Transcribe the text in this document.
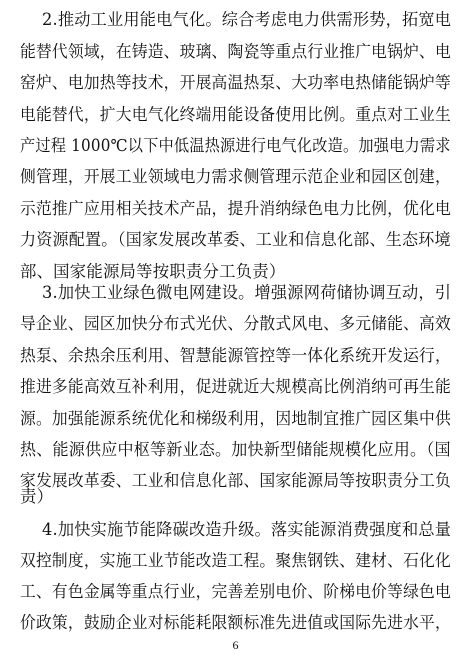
2.推动工业用能电气化。综合考虑电力供需形势，拓宽电
能替代领域，在铸造、玻璃、陶瓷等重点行业推广电锅炉、电
窑炉、电加热等技术，开展高温热泵、大功率电热储能锅炉等
电能替代，扩大电气化终端用能设备使用比例。重点对工业生
产过程 1000℃以下中低温热源进行电气化改造。加强电力需求
侧管理，开展工业领域电力需求侧管理示范企业和园区创建，
示范推广应用相关技术产品，提升消纳绿色电力比例，优化电
力资源配置。（国家发展改革委、工业和信息化部、生态环境
部、国家能源局等按职责分工负责）
3.加快工业绿色微电网建设。增强源网荷储协调互动，引
导企业、园区加快分布式光伏、分散式风电、多元储能、高效
热泵、余热余压利用、智慧能源管控等一体化系统开发运行，
推进多能高效互补利用，促进就近大规模高比例消纳可再生能
源。加强能源系统优化和梯级利用，因地制宜推广园区集中供
热、能源供应中枢等新业态。加快新型储能规模化应用。（国
家发展改革委、工业和信息化部、国家能源局等按职责分工负
责）
4.加快实施节能降碳改造升级。落实能源消费强度和总量
双控制度，实施工业节能改造工程。聚焦钢铁、建材、石化化
工、有色金属等重点行业，完善差别电价、阶梯电价等绿色电
价政策，鼓励企业对标能耗限额标准先进值或国际先进水平，
6
